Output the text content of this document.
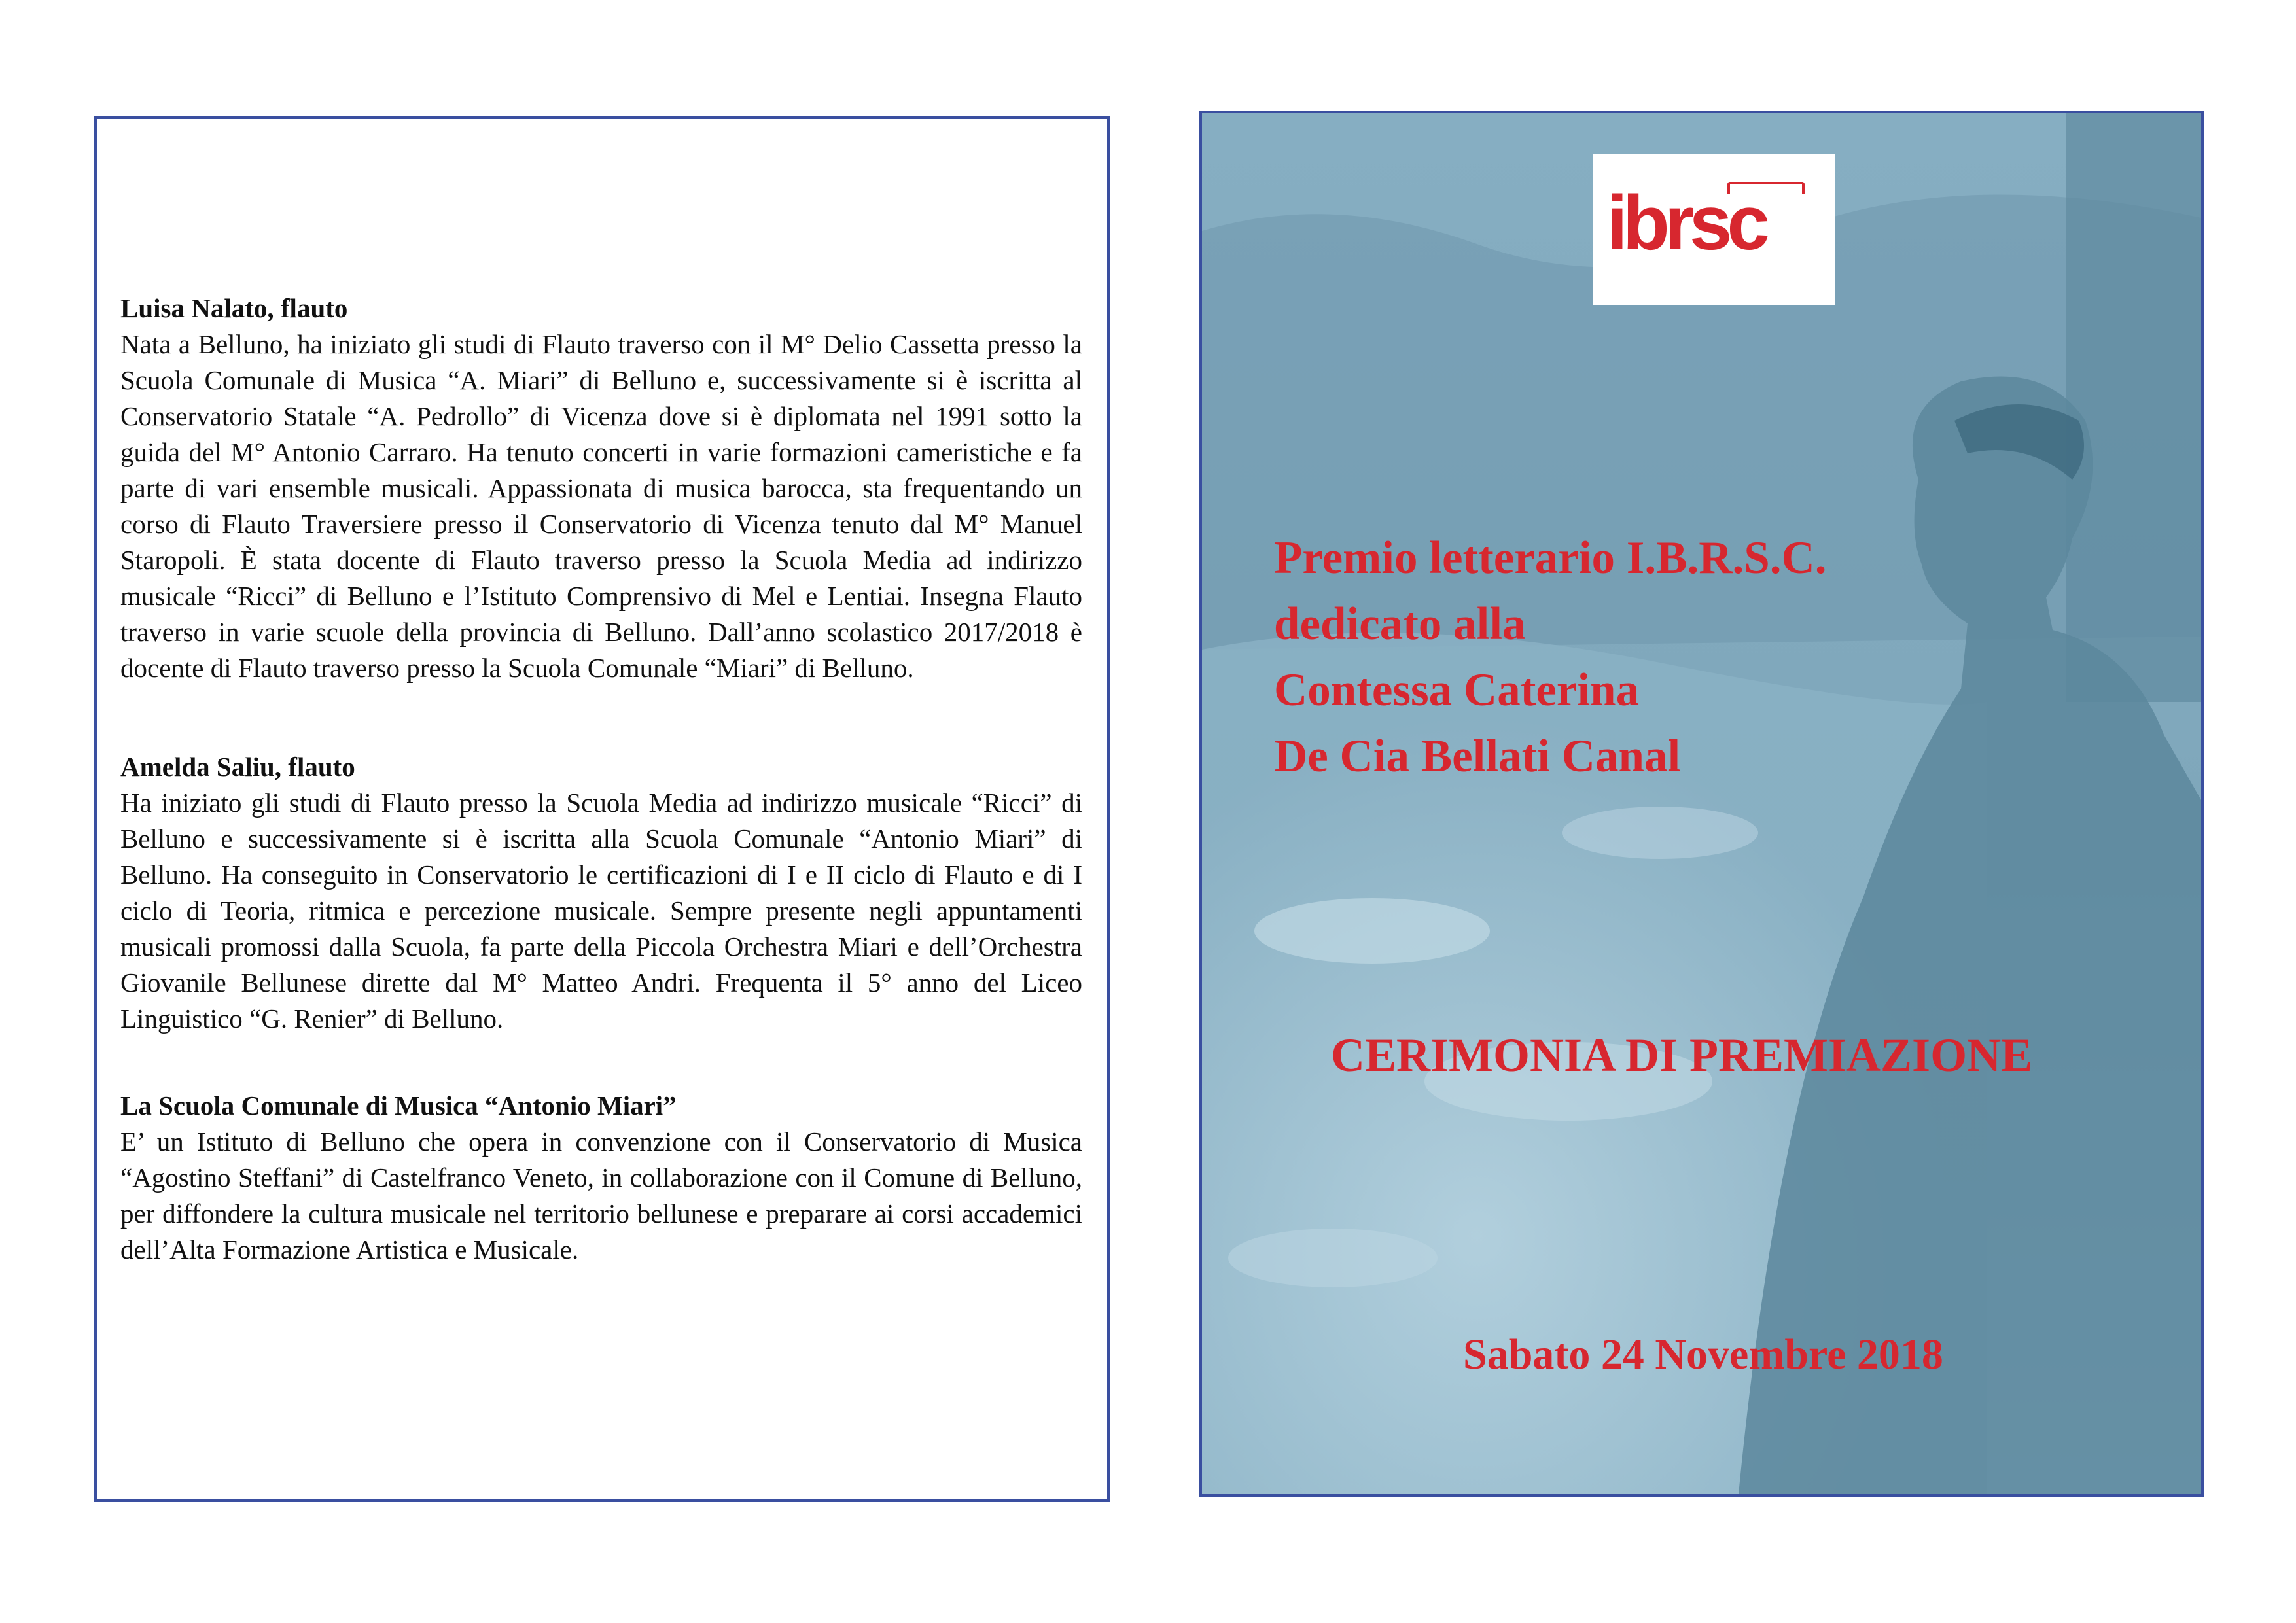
Luisa Nalato, flauto

Nata a Belluno, ha iniziato gli studi di Flauto traverso con il M° Delio Cassetta presso la Scuola Comunale di Musica “A. Miari” di Belluno e, successivamente si è iscritta al Conservatorio Statale “A. Pedrollo” di Vicenza dove si è diplomata nel 1991 sotto la guida del M° Antonio Carraro. Ha tenuto concerti in varie formazioni cameristiche e fa parte di vari ensemble musicali. Appassionata di musica barocca, sta frequentando un corso di Flauto Traversiere presso il Conservatorio di Vicenza tenuto dal M° Manuel Staropoli. È stata docente di Flauto traverso presso la Scuola Media ad indirizzo musicale “Ricci” di Belluno e l’Istituto Comprensivo di Mel e Lentiai. Insegna Flauto traverso in varie scuole della provincia di Belluno. Dall’anno scolastico 2017/2018 è docente di Flauto traverso presso la Scuola Comunale “Miari” di Belluno.

Amelda Saliu, flauto

Ha iniziato gli studi di Flauto presso la Scuola Media ad indirizzo musicale “Ricci” di Belluno e successivamente si è iscritta alla Scuola Comunale “Antonio Miari” di Belluno. Ha conseguito in Conservatorio le certificazioni di I e II ciclo di Flauto e di I ciclo di Teoria, ritmica e percezione musicale. Sempre presente negli appuntamenti musicali promossi dalla Scuola, fa parte della Piccola Orchestra Miari e dell’Orchestra Giovanile Bellunese dirette dal M° Matteo Andri. Frequenta il 5° anno del Liceo Linguistico “G. Renier” di Belluno.

La Scuola Comunale di Musica “Antonio Miari”

E’ un Istituto di Belluno che opera in convenzione con il Conservatorio di Musica “Agostino Steffani” di Castelfranco Veneto, in collaborazione con il Comune di Belluno, per diffondere la cultura musicale nel territorio bellunese e preparare ai corsi accademici dell’Alta Formazione Artistica e Musicale.

ibrsc
Premio letterario I.B.R.S.C.
dedicato alla
Contessa Caterina
De Cia Bellati Canal
CERIMONIA DI PREMIAZIONE
Sabato 24 Novembre 2018
